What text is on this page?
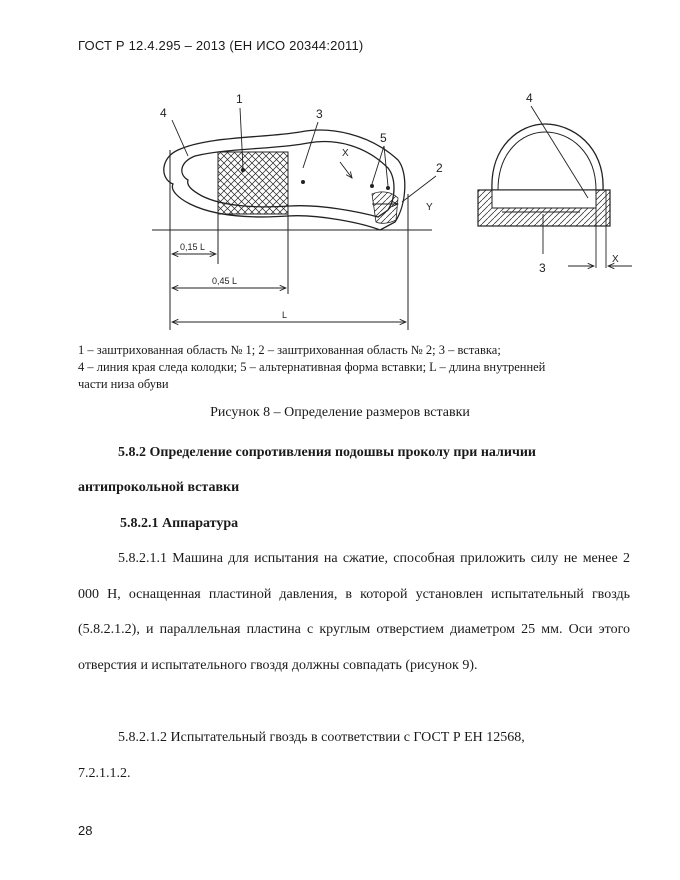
ГОСТ Р 12.4.295 – 2013 (ЕН ИСО 20344:2011)
1
4	3
5
2
X
Y
0,15 L
0,45 L
L
4
3
X
1 – заштрихованная область № 1; 2 – заштрихованная область № 2; 3 – вставка;
4 – линия края следа колодки; 5 – альтернативная форма вставки; L – длина внутренней
части низа обуви
Рисунок 8 – Определение размеров вставки
5.8.2 Определение сопротивления подошвы проколу при наличии
антипрокольной вставки
5.8.2.1 Аппаратура
5.8.2.1.1 Машина для испытания на сжатие, способная приложить силу не менее 2 000 Н, оснащенная пластиной давления, в которой установлен испытательный гвоздь (5.8.2.1.2), и параллельная пластина с круглым отверстием диаметром 25 мм. Оси этого отверстия и испытательного гвоздя должны совпадать (рисунок 9).
5.8.2.1.2 Испытательный гвоздь в соответствии с ГОСТ Р ЕН 12568,
7.2.1.1.2.
28
